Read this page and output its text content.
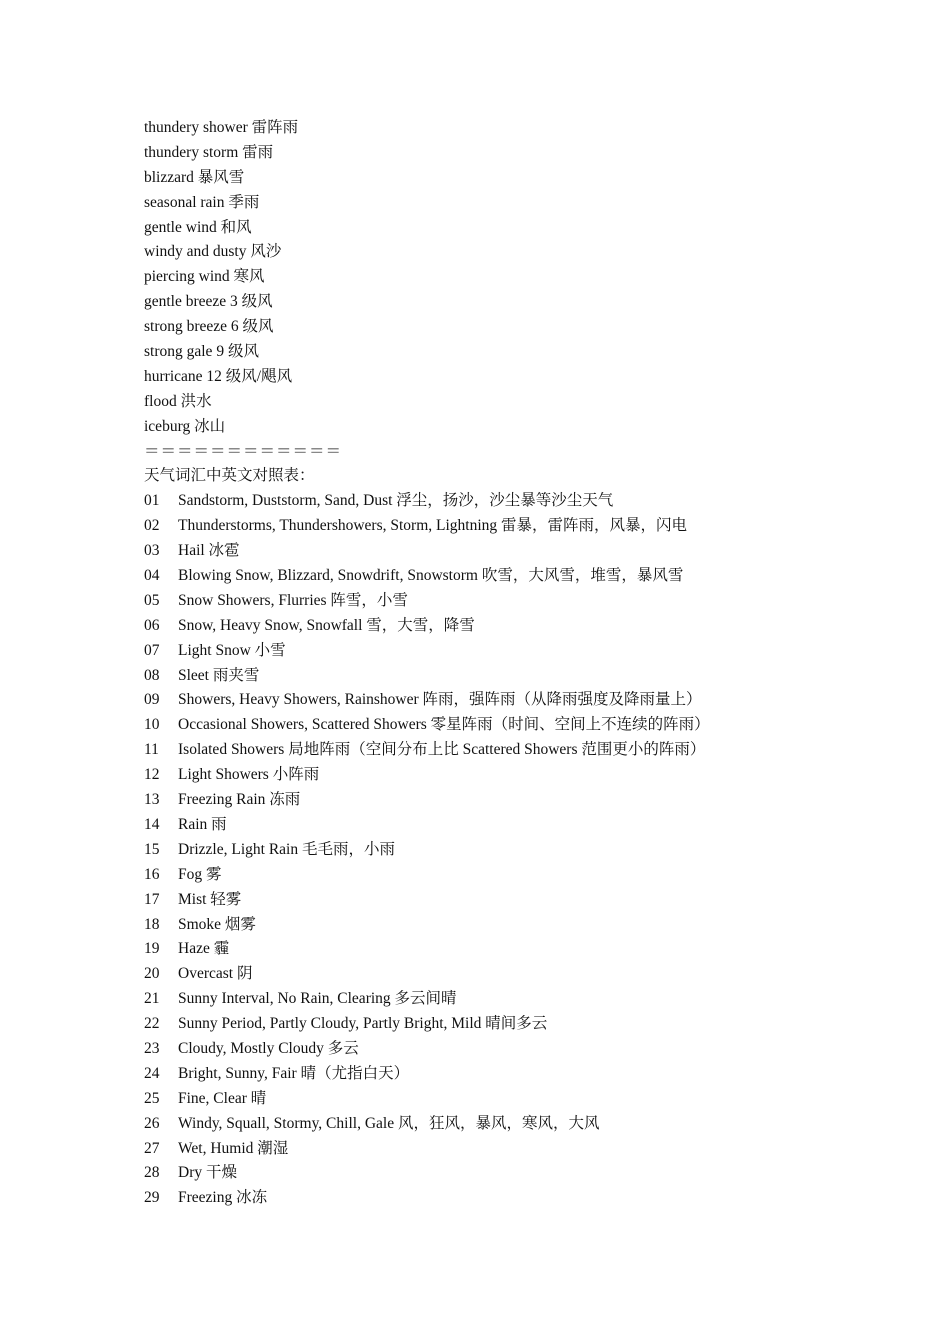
thundery shower 雷阵雨
thundery storm 雷雨
blizzard 暴风雪
seasonal rain 季雨
gentle wind 和风
windy and dusty 风沙
piercing wind 寒风
gentle breeze 3 级风
strong breeze 6 级风
strong gale 9 级风
hurricane 12 级风/飓风
flood 洪水
iceburg 冰山
＝＝＝＝＝＝＝＝＝＝＝＝
天气词汇中英文对照表：
01 Sandstorm, Duststorm, Sand, Dust 浮尘，扬沙，沙尘暴等沙尘天气
02 Thunderstorms, Thundershowers, Storm, Lightning 雷暴，雷阵雨，风暴，闪电
03 Hail 冰雹
04 Blowing Snow, Blizzard, Snowdrift, Snowstorm 吹雪，大风雪，堆雪，暴风雪
05 Snow Showers, Flurries 阵雪，小雪
06 Snow, Heavy Snow, Snowfall 雪，大雪，降雪
07 Light Snow 小雪
08 Sleet 雨夹雪
09 Showers, Heavy Showers, Rainshower 阵雨，强阵雨（从降雨强度及降雨量上）
10 Occasional Showers, Scattered Showers 零星阵雨（时间、空间上不连续的阵雨）
11 Isolated Showers 局地阵雨（空间分布上比 Scattered Showers 范围更小的阵雨）
12 Light Showers 小阵雨
13 Freezing Rain 冻雨
14 Rain 雨
15 Drizzle, Light Rain 毛毛雨，小雨
16 Fog 雾
17 Mist 轻雾
18 Smoke 烟雾
19 Haze 霾
20 Overcast 阴
21 Sunny Interval, No Rain, Clearing 多云间晴
22 Sunny Period, Partly Cloudy, Partly Bright, Mild 晴间多云
23 Cloudy, Mostly Cloudy 多云
24 Bright, Sunny, Fair 晴（尤指白天）
25 Fine, Clear 晴
26 Windy, Squall, Stormy, Chill, Gale 风，狂风，暴风，寒风，大风
27 Wet, Humid 潮湿
28 Dry 干燥
29 Freezing 冰冻
